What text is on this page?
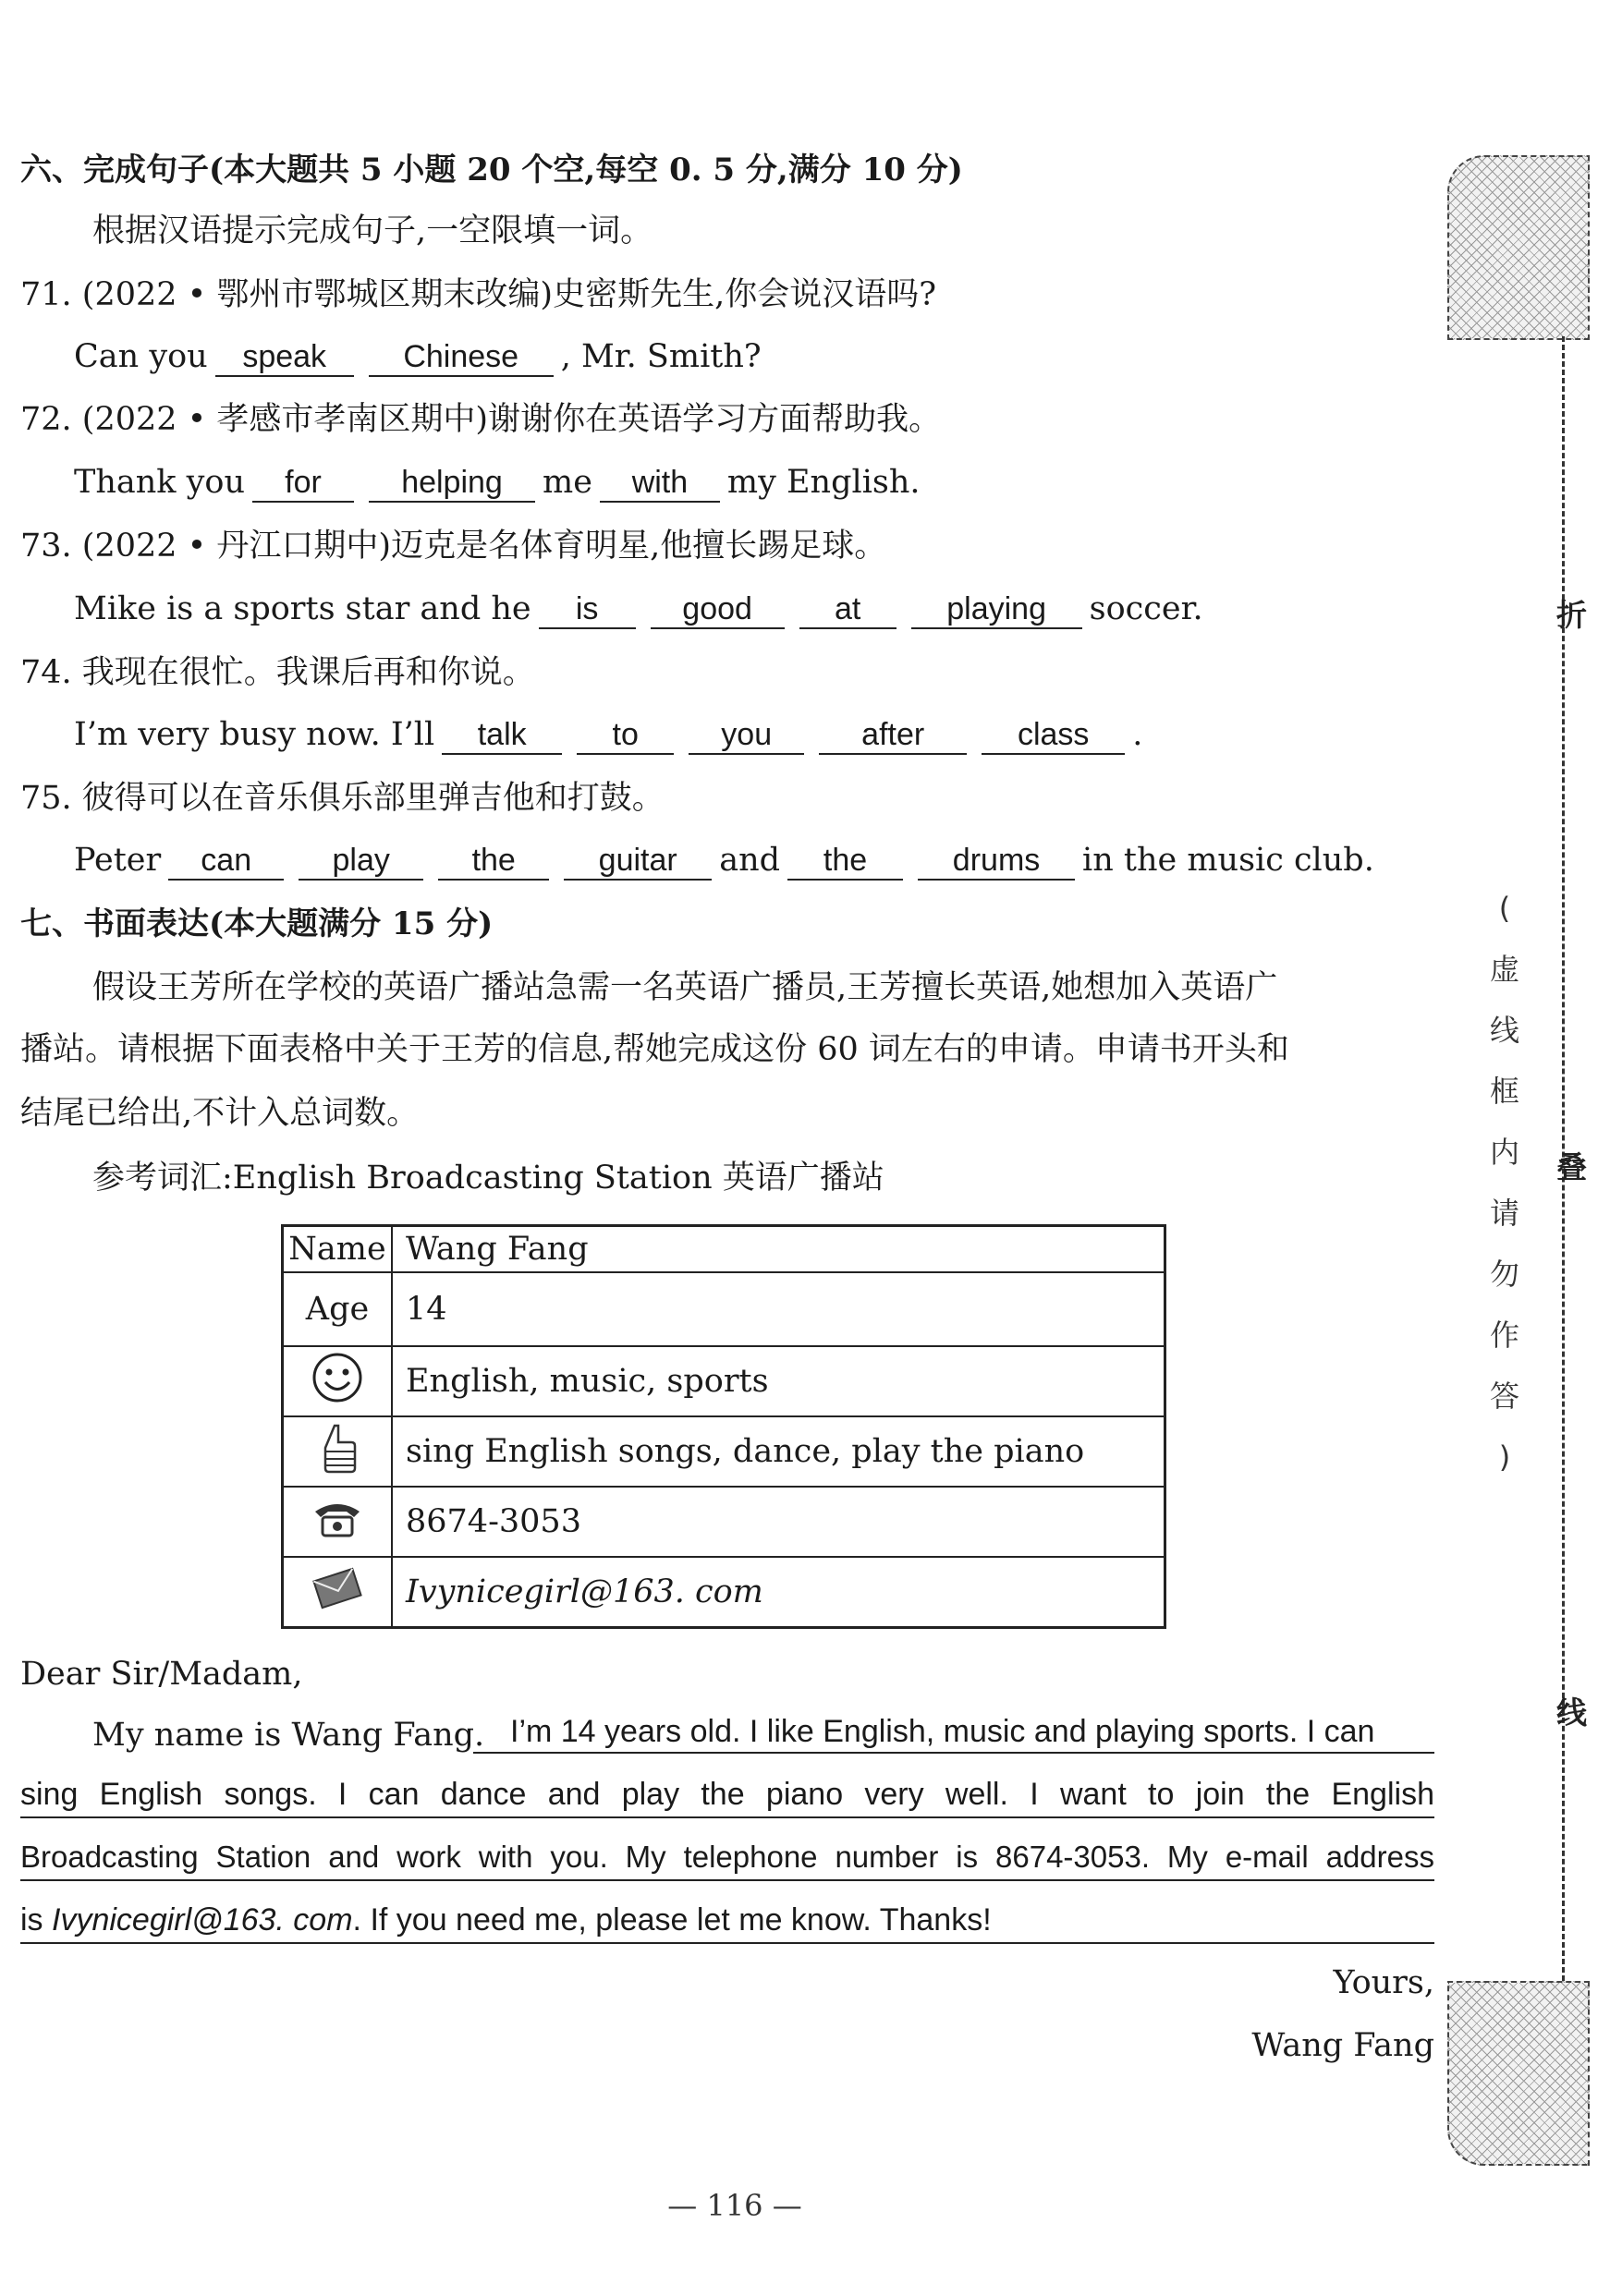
六、完成句子(本大题共 5 小题 20 个空,每空 0. 5 分,满分 10 分)
根据汉语提示完成句子,一空限填一词。
71. (2022 • 鄂州市鄂城区期末改编)史密斯先生,你会说汉语吗?
Can you speak Chinese , Mr. Smith?
72. (2022 • 孝感市孝南区期中)谢谢你在英语学习方面帮助我。
Thank you for	helping me with my English.
73. (2022 • 丹江口期中)迈克是名体育明星,他擅长踢足球。
Mike is a sports star and he is	good	at	playing soccer.
74. 我现在很忙。我课后再和你说。
I’m very busy now. I’ll talk	to	you	after	class .
75. 彼得可以在音乐俱乐部里弹吉他和打鼓。
Peter can	play	the	guitar and the	drums in the music club.
七、书面表达(本大题满分 15 分)
假设王芳所在学校的英语广播站急需一名英语广播员,王芳擅长英语,她想加入英语广
播站。请根据下面表格中关于王芳的信息,帮她完成这份 60 词左右的申请。申请书开头和
结尾已给出,不计入总词数。
参考词汇:English Broadcasting Station 英语广播站
Name	Wang Fang
Age	14
	English, music, sports
	sing English songs, dance, play the piano
	8674-3053
	Ivynicegirl@163. com
Dear Sir/Madam,
My name is Wang Fang. I’m 14 years old. I like English, music and playing sports. I can
sing English songs. I can dance and play the piano very well. I want to join the English
Broadcasting Station and work with you. My telephone number is 8674-3053. My e-mail address
is Ivynicegirl@163. com. If you need me, please let me know. Thanks!
Yours,
Wang Fang
— 116 —
折
叠
线
(
虚
线
框
内
请
勿
作
答
)
